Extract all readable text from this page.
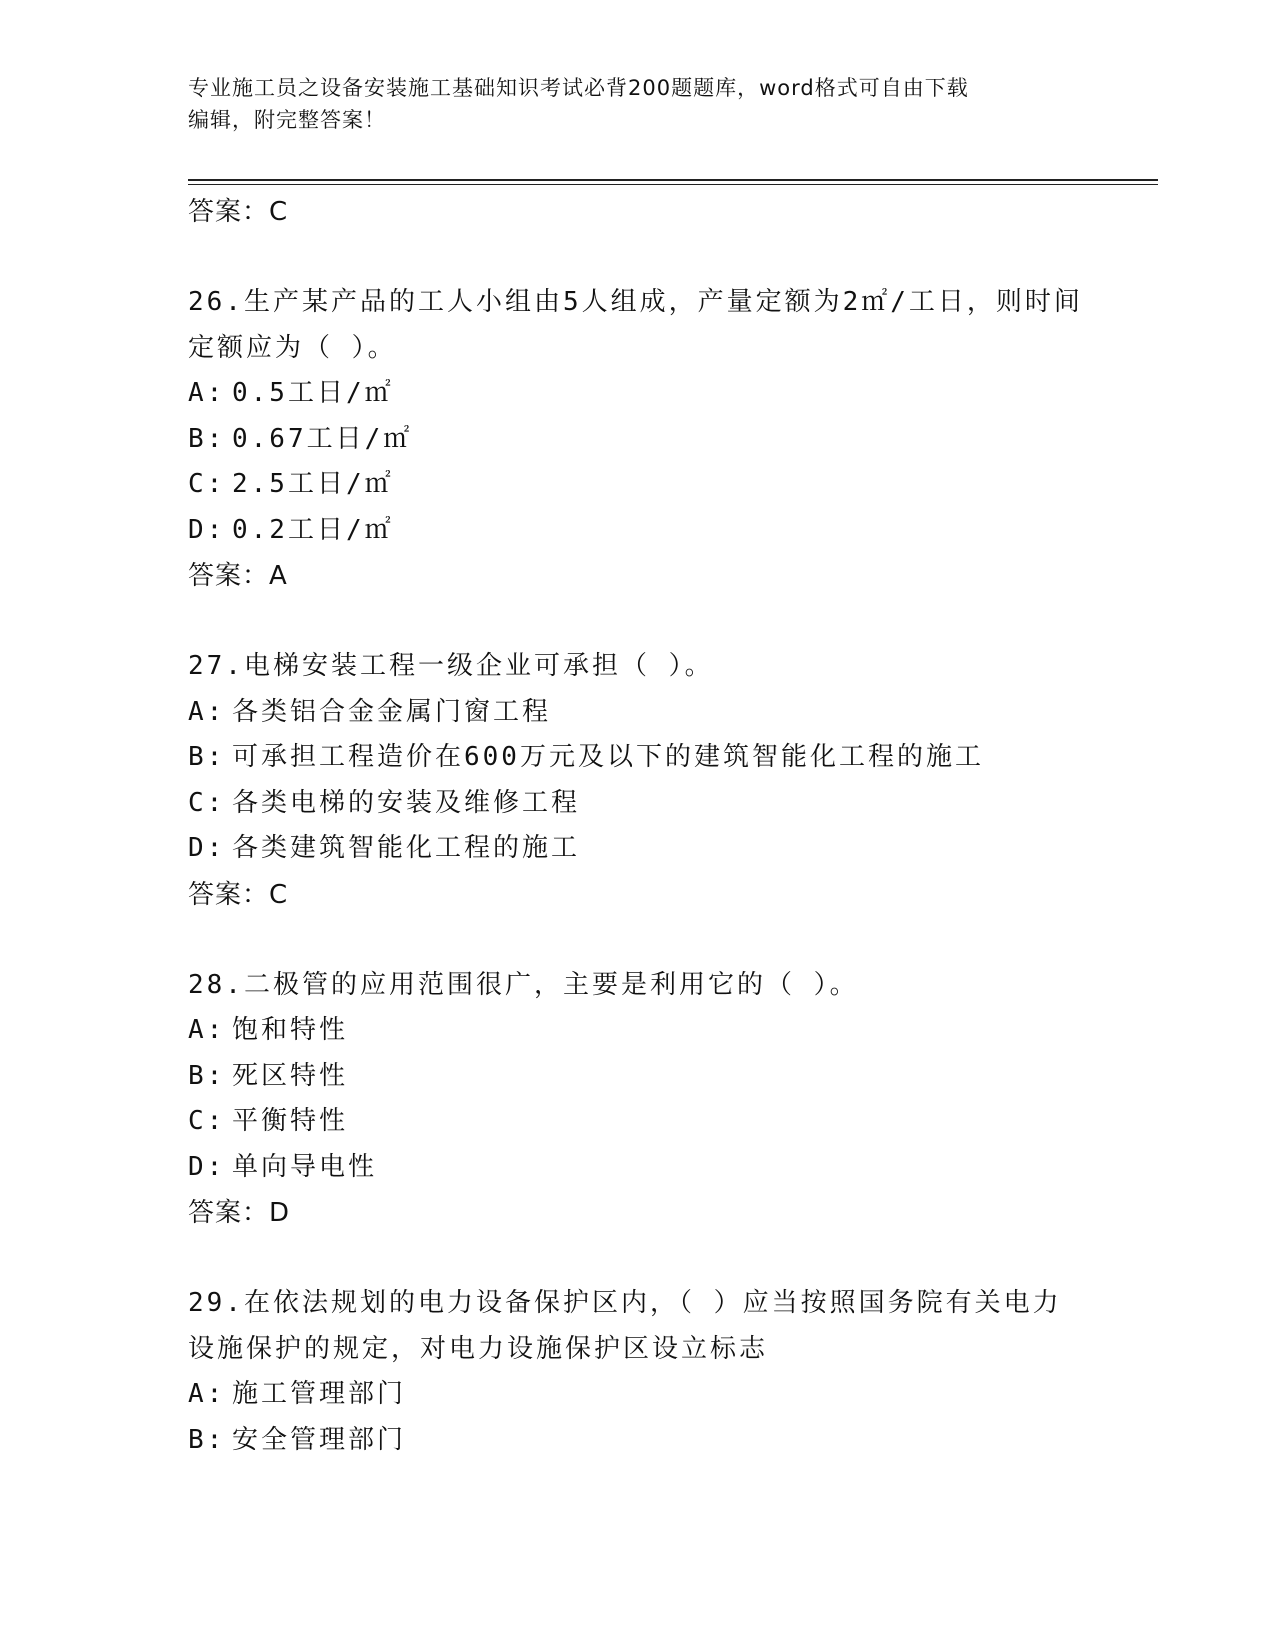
专业施工员之设备安装施工基础知识考试必背200题题库，word格式可自由下载
编辑，附完整答案！
答案：C
26.生产某产品的工人小组由5人组成，产量定额为2㎡/工日，则时间
定额应为（ ）。
A: 0.5工日/㎡
B: 0.67工日/㎡
C: 2.5工日/㎡
D: 0.2工日/㎡
答案：A
27.电梯安装工程一级企业可承担（ ）。
A: 各类铝合金金属门窗工程
B: 可承担工程造价在600万元及以下的建筑智能化工程的施工
C: 各类电梯的安装及维修工程
D: 各类建筑智能化工程的施工
答案：C
28.二极管的应用范围很广，主要是利用它的（ ）。
A: 饱和特性
B: 死区特性
C: 平衡特性
D: 单向导电性
答案：D
29.在依法规划的电力设备保护区内，（ ）应当按照国务院有关电力
设施保护的规定，对电力设施保护区设立标志
A: 施工管理部门
B: 安全管理部门
